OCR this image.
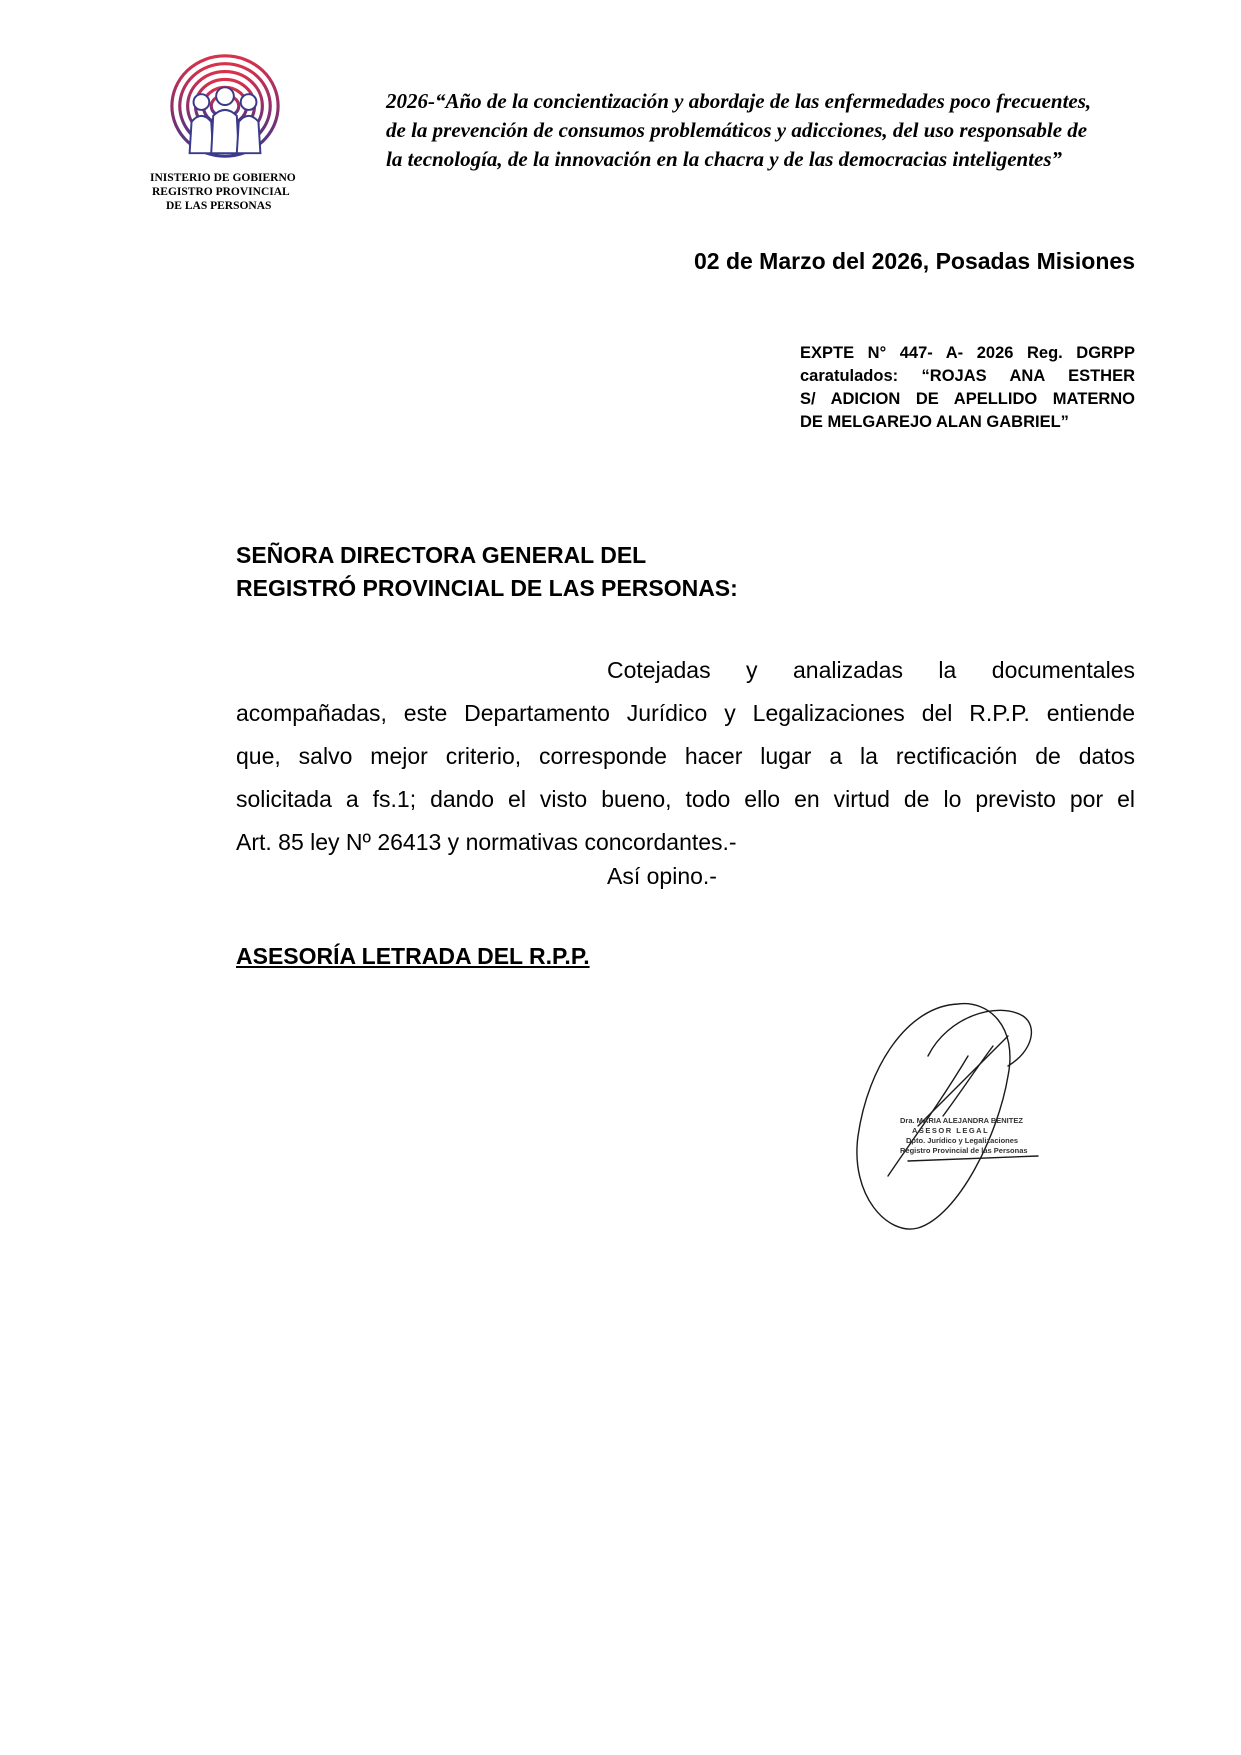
INISTERIO DE GOBIERNO
REGISTRO PROVINCIAL
DE LAS PERSONAS
2026-“Año de la concientización y abordaje de las enfermedades poco frecuentes,
de la prevención de consumos problemáticos y adicciones, del uso responsable de
la tecnología, de la innovación en la chacra y de las democracias inteligentes”
02 de Marzo del 2026, Posadas Misiones
EXPTE N° 447- A- 2026 Reg. DGRPP
caratulados: “ROJAS ANA ESTHER
S/ ADICION DE APELLIDO MATERNO
DE MELGAREJO ALAN GABRIEL”
SEÑORA DIRECTORA GENERAL DEL
REGISTRÓ PROVINCIAL DE LAS PERSONAS:
Cotejadas y analizadas la documentales
acompañadas, este Departamento Jurídico y Legalizaciones del R.P.P. entiende
que, salvo mejor criterio, corresponde hacer lugar a la rectificación de datos
solicitada a fs.1; dando el visto bueno, todo ello en virtud de lo previsto por el
Art. 85 ley Nº 26413 y normativas concordantes.-
Así opino.-
ASESORÍA LETRADA DEL R.P.P.
Dra. MARIA ALEJANDRA BENITEZ
ASESOR LEGAL
Dpto. Jurídico y Legalizaciones
Registro Provincial de las Personas
